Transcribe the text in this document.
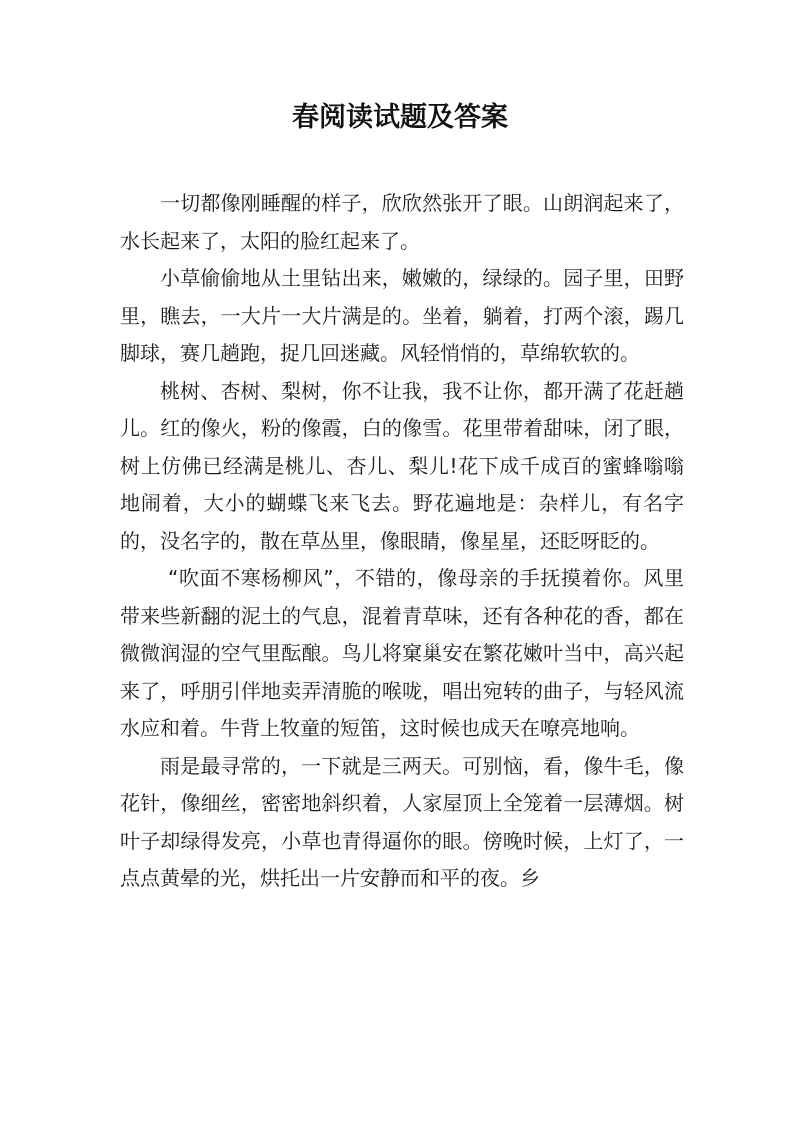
春阅读试题及答案

一切都像刚睡醒的样子，欣欣然张开了眼。山朗润起来了，水长起来了，太阳的脸红起来了。

小草偷偷地从土里钻出来，嫩嫩的，绿绿的。园子里，田野里，瞧去，一大片一大片满是的。坐着，躺着，打两个滚，踢几脚球，赛几趟跑，捉几回迷藏。风轻悄悄的，草绵软软的。

桃树、杏树、梨树，你不让我，我不让你，都开满了花赶趟儿。红的像火，粉的像霞，白的像雪。花里带着甜味，闭了眼，树上仿佛已经满是桃儿、杏儿、梨儿!花下成千成百的蜜蜂嗡嗡地闹着，大小的蝴蝶飞来飞去。野花遍地是：杂样儿，有名字的，没名字的，散在草丛里，像眼睛，像星星，还眨呀眨的。

“吹面不寒杨柳风”，不错的，像母亲的手抚摸着你。风里带来些新翻的泥土的气息，混着青草味，还有各种花的香，都在微微润湿的空气里酝酿。鸟儿将窠巢安在繁花嫩叶当中，高兴起来了，呼朋引伴地卖弄清脆的喉咙，唱出宛转的曲子，与轻风流水应和着。牛背上牧童的短笛，这时候也成天在嘹亮地响。

雨是最寻常的，一下就是三两天。可别恼，看，像牛毛，像花针，像细丝，密密地斜织着，人家屋顶上全笼着一层薄烟。树叶子却绿得发亮，小草也青得逼你的眼。傍晚时候，上灯了，一点点黄晕的光，烘托出一片安静而和平的夜。乡
